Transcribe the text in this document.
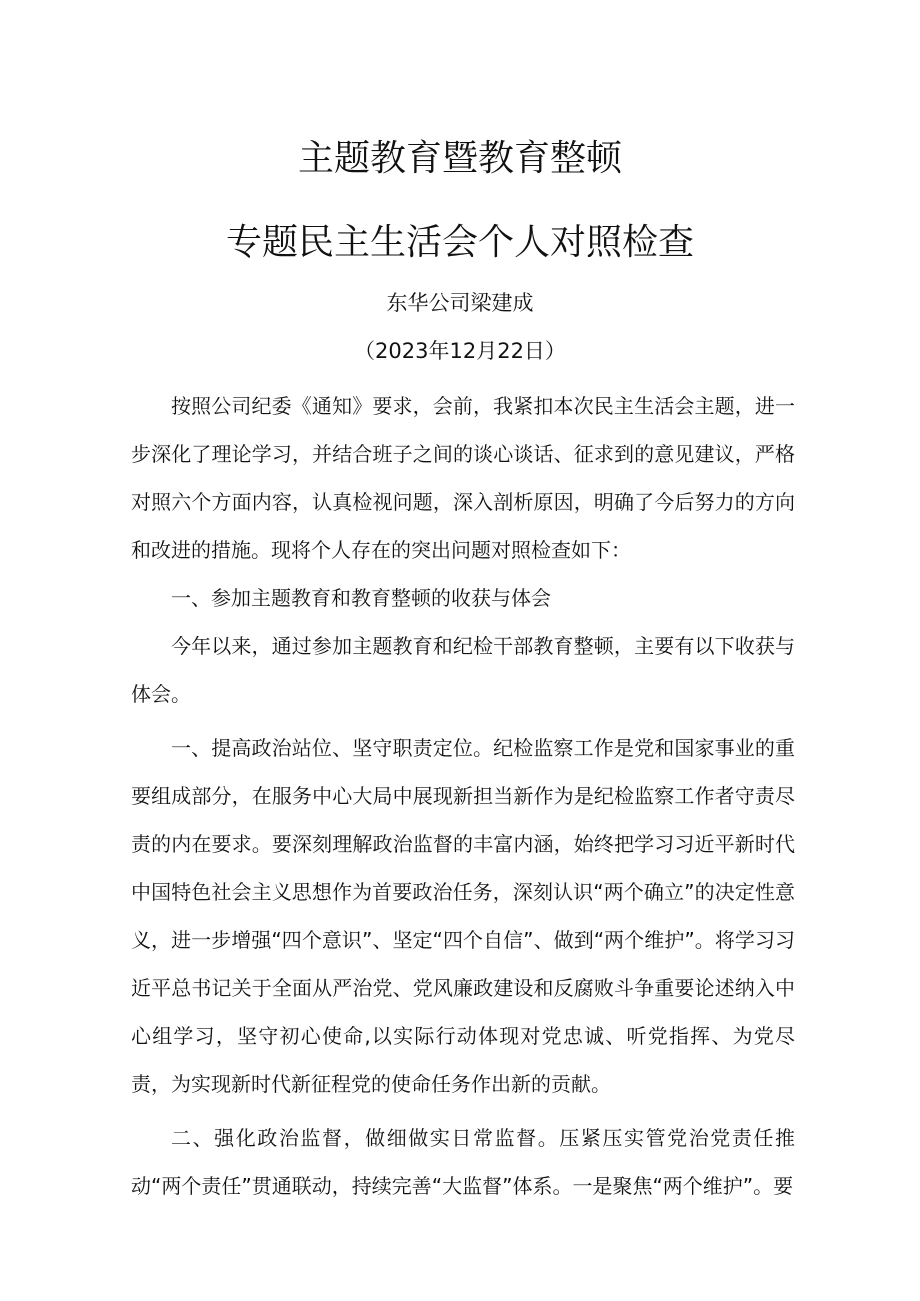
主题教育暨教育整顿
专题民主生活会个人对照检查
东华公司梁建成
（2023年12月22日）

按照公司纪委《通知》要求，会前，我紧扣本次民主生活会主题，进一步深化了理论学习，并结合班子之间的谈心谈话、征求到的意见建议，严格对照六个方面内容，认真检视问题，深入剖析原因，明确了今后努力的方向和改进的措施。现将个人存在的突出问题对照检查如下：

一、参加主题教育和教育整顿的收获与体会

今年以来，通过参加主题教育和纪检干部教育整顿，主要有以下收获与体会。

一、提高政治站位、坚守职责定位。纪检监察工作是党和国家事业的重要组成部分，在服务中心大局中展现新担当新作为是纪检监察工作者守责尽责的内在要求。要深刻理解政治监督的丰富内涵，始终把学习习近平新时代中国特色社会主义思想作为首要政治任务，深刻认识“两个确立”的决定性意义，进一步增强“四个意识”、坚定“四个自信”、做到“两个维护”。将学习习近平总书记关于全面从严治党、党风廉政建设和反腐败斗争重要论述纳入中心组学习，坚守初心使命,以实际行动体现对党忠诚、听党指挥、为党尽责，为实现新时代新征程党的使命任务作出新的贡献。

二、强化政治监督，做细做实日常监督。压紧压实管党治党责任推动“两个责任”贯通联动，持续完善“大监督”体系。一是聚焦“两个维护”。要
